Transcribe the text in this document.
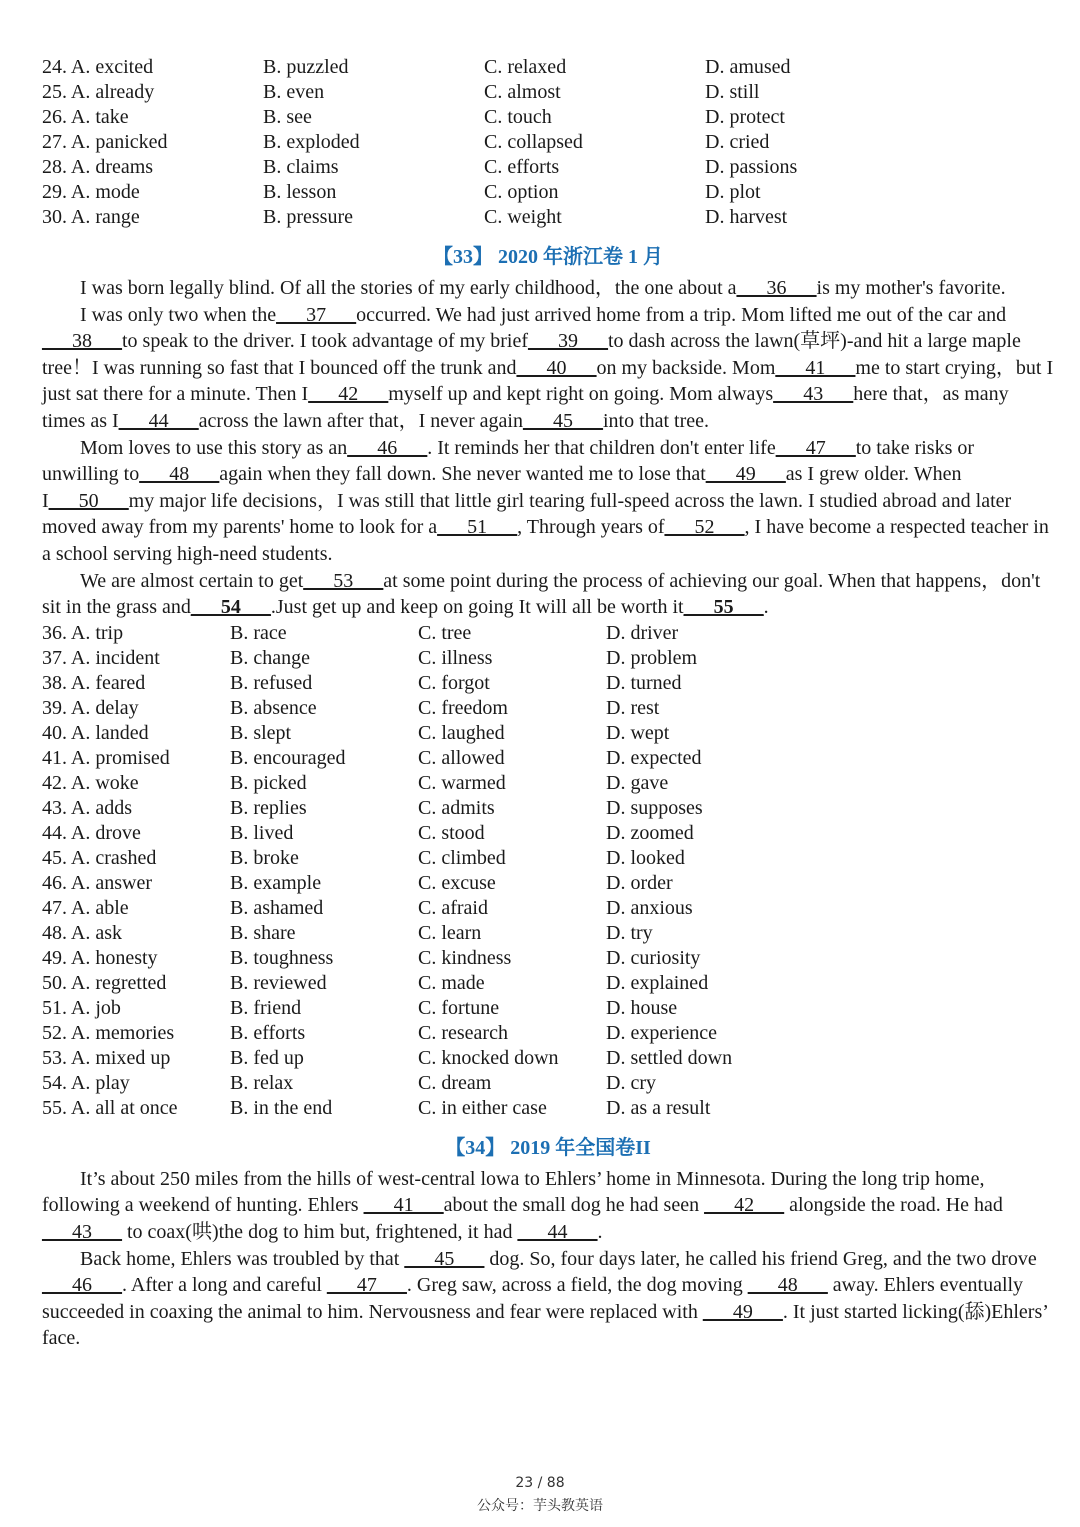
24. A. excited	B. puzzled	C. relaxed	D. amused
25. A. already	B. even	C. almost	D. still
26. A. take	B. see	C. touch	D. protect
27. A. panicked	B. exploded	C. collapsed	D. cried
28. A. dreams	B. claims	C. efforts	D. passions
29. A. mode	B. lesson	C. option	D. plot
30. A. range	B. pressure	C. weight	D. harvest
【33】 2020 年浙江卷 1 月

I was born legally blind. Of all the stories of my early childhood，the one about a___36___is my mother's favorite.

I was only two when the___37___occurred. We had just arrived home from a trip. Mom lifted me out of the car and ___38___to speak to the driver. I took advantage of my brief___39___to dash across the lawn(草坪)-and hit a large maple tree！I was running so fast that I bounced off the trunk and___40___on my backside. Mom___41___me to start crying，but I just sat there for a minute. Then I___42___myself up and kept right on going. Mom always___43___here that，as many times as I___44___across the lawn after that，I never again___45___into that tree.

Mom loves to use this story as an___46___. It reminds her that children don't enter life___47___to take risks or unwilling to___48___again when they fall down. She never wanted me to lose that___49___as I grew older. When I___50___my major life decisions，I was still that little girl tearing full-speed across the lawn. I studied abroad and later moved away from my parents' home to look for a___51___, Through years of___52___, I have become a respected teacher in a school serving high-need students.

We are almost certain to get___53___at some point during the process of achieving our goal. When that happens，don't sit in the grass and___54___.Just get up and keep on going It will all be worth it___55___.

36. A. trip	B. race	C. tree	D. driver
37. A. incident	B. change	C. illness	D. problem
38. A. feared	B. refused	C. forgot	D. turned
39. A. delay	B. absence	C. freedom	D. rest
40. A. landed	B. slept	C. laughed	D. wept
41. A. promised	B. encouraged	C. allowed	D. expected
42. A. woke	B. picked	C. warmed	D. gave
43. A. adds	B. replies	C. admits	D. supposes
44. A. drove	B. lived	C. stood	D. zoomed
45. A. crashed	B. broke	C. climbed	D. looked
46. A. answer	B. example	C. excuse	D. order
47. A. able	B. ashamed	C. afraid	D. anxious
48. A. ask	B. share	C. learn	D. try
49. A. honesty	B. toughness	C. kindness	D. curiosity
50. A. regretted	B. reviewed	C. made	D. explained
51. A. job	B. friend	C. fortune	D. house
52. A. memories	B. efforts	C. research	D. experience
53. A. mixed up	B. fed up	C. knocked down	D. settled down
54. A. play	B. relax	C. dream	D. cry
55. A. all at once	B. in the end	C. in either case	D. as a result
【34】 2019 年全国卷II

It’s about 250 miles from the hills of west-central lowa to Ehlers’ home in Minnesota. During the long trip home, following a weekend of hunting. Ehlers ___41___about the small dog he had seen ___42___ alongside the road. He had ___43___ to coax(哄)the dog to him but, frightened, it had ___44___.

Back home, Ehlers was troubled by that ___45___ dog. So, four days later, he called his friend Greg, and the two drove ___46___. After a long and careful ___47___. Greg saw, across a field, the dog moving ___48___ away. Ehlers eventually succeeded in coaxing the animal to him. Nervousness and fear were replaced with ___49___. It just started licking(舔)Ehlers’ face.

23 / 88
公众号：芋头教英语
